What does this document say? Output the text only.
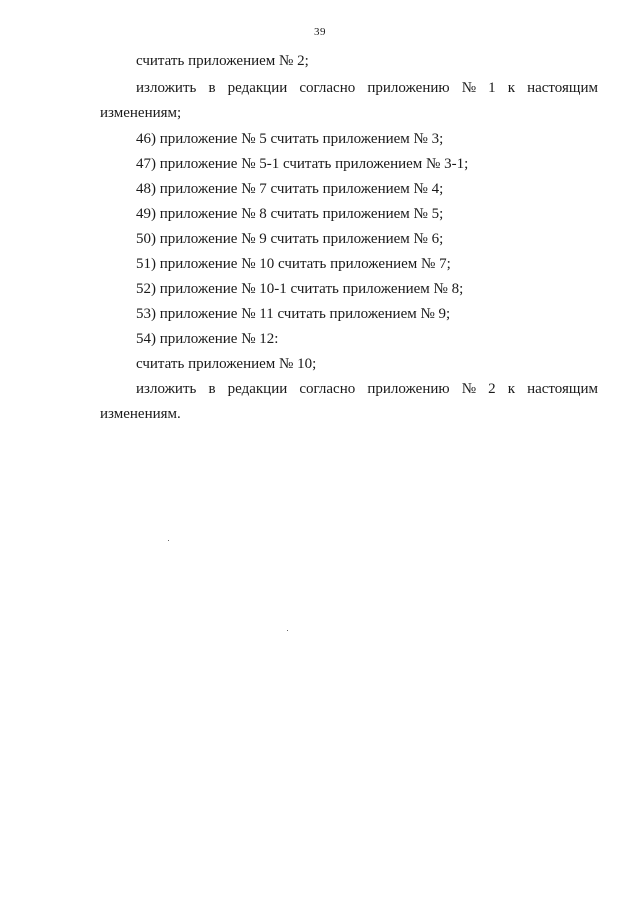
39
считать приложением № 2;
изложить в редакции согласно приложению № 1 к настоящим
изменениям;
46) приложение № 5 считать приложением № 3;
47) приложение № 5-1 считать приложением № 3-1;
48) приложение № 7 считать приложением № 4;
49) приложение № 8 считать приложением № 5;
50) приложение № 9 считать приложением № 6;
51) приложение № 10 считать приложением № 7;
52) приложение № 10-1 считать приложением № 8;
53) приложение № 11 считать приложением № 9;
54) приложение № 12:
считать приложением № 10;
изложить в редакции согласно приложению № 2 к настоящим
изменениям.
